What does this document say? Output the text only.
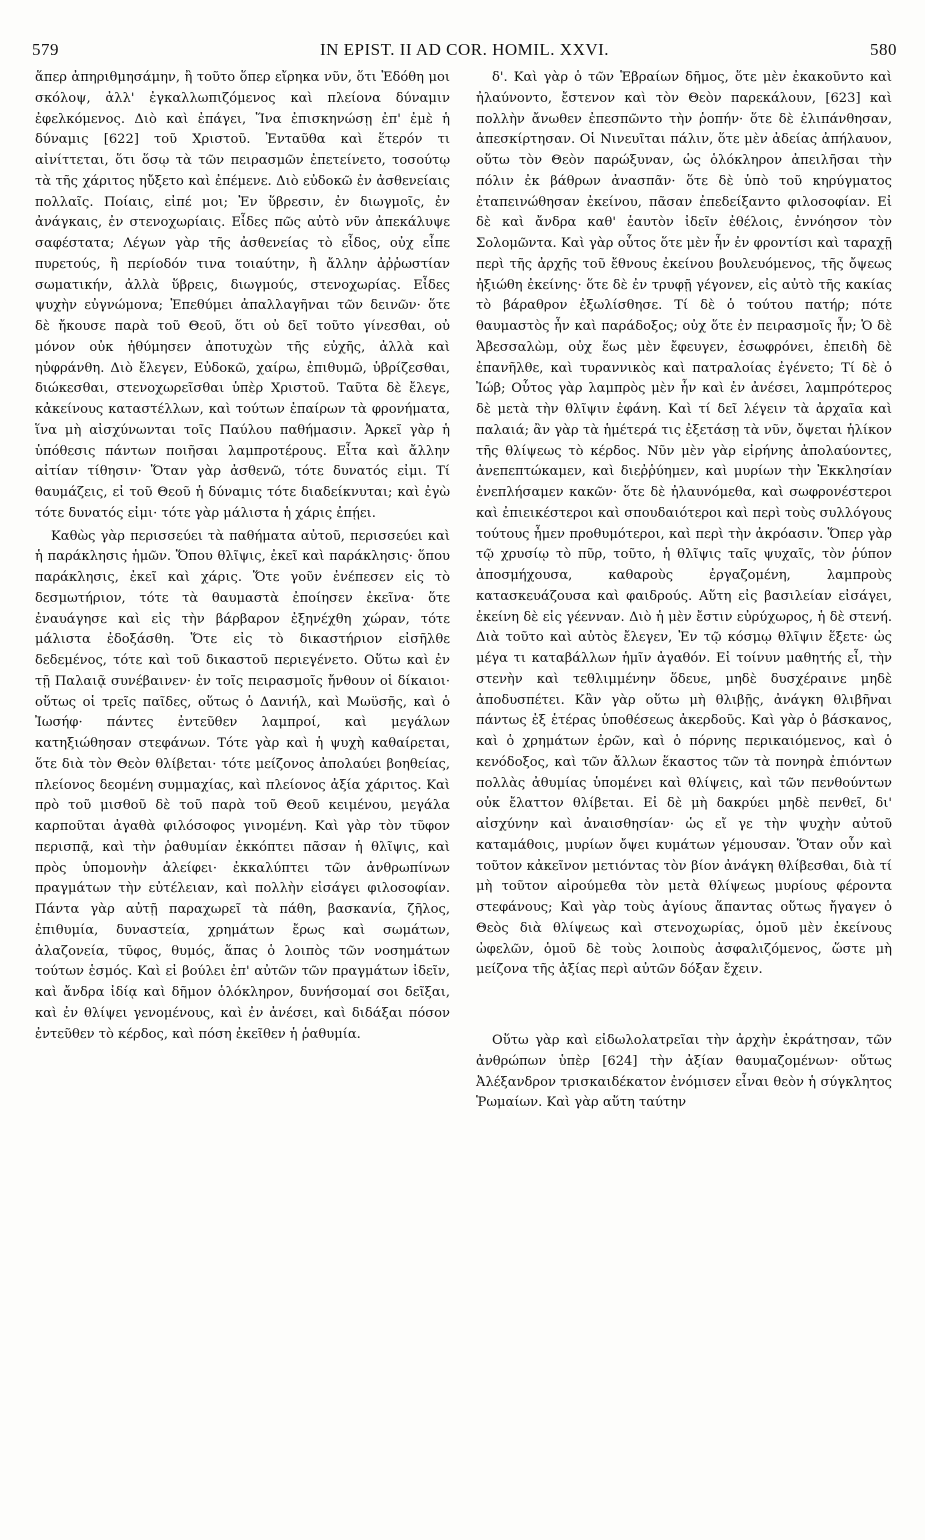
579	IN EPIST. II AD COR. HOMIL. XXVI.	580

ἅπερ ἀπηριθμησάμην, ἢ τοῦτο ὅπερ εἴρηκα νῦν, ὅτι Ἐδόθη μοι σκόλοψ, ἀλλ' ἐγκαλλωπιζόμενος καὶ πλείονα δύναμιν ἐφελκόμενος. Διὸ καὶ ἐπάγει, Ἵνα ἐπισκηνώσῃ ἐπ' ἐμὲ ἡ δύναμις [622] τοῦ Χριστοῦ. Ἐνταῦθα καὶ ἕτερόν τι αἰνίττεται, ὅτι ὅσῳ τὰ τῶν πειρασμῶν ἐπετείνετο, τοσούτῳ τὰ τῆς χάριτος ηὔξετο καὶ ἐπέμενε. Διὸ εὐδοκῶ ἐν ἀσθενείαις πολλαῖς. Ποίαις, εἰπέ μοι; Ἐν ὕβρεσιν, ἐν διωγμοῖς, ἐν ἀνάγκαις, ἐν στενοχωρίαις. Εἶδες πῶς αὐτὸ νῦν ἀπεκάλυψε σαφέστατα; Λέγων γὰρ τῆς ἀσθενείας τὸ εἶδος, οὐχ εἶπε πυρετούς, ἢ περίοδόν τινα τοιαύτην, ἢ ἄλλην ἀῤῥωστίαν σωματικήν, ἀλλὰ ὕβρεις, διωγμούς, στενοχωρίας. Εἶδες ψυχὴν εὐγνώμονα; Ἐπεθύμει ἀπαλλαγῆναι τῶν δεινῶν· ὅτε δὲ ἤκουσε παρὰ τοῦ Θεοῦ, ὅτι οὐ δεῖ τοῦτο γίνεσθαι, οὐ μόνον οὐκ ἠθύμησεν ἀποτυχὼν τῆς εὐχῆς, ἀλλὰ καὶ ηὐφράνθη. Διὸ ἔλεγεν, Εὐδοκῶ, χαίρω, ἐπιθυμῶ, ὑβρίζεσθαι, διώκεσθαι, στενοχωρεῖσθαι ὑπὲρ Χριστοῦ. Ταῦτα δὲ ἔλεγε, κἀκείνους καταστέλλων, καὶ τούτων ἐπαίρων τὰ φρονήματα, ἵνα μὴ αἰσχύνωνται τοῖς Παύλου παθήμασιν. Ἀρκεῖ γὰρ ἡ ὑπόθεσις πάντων ποιῆσαι λαμπροτέρους. Εἶτα καὶ ἄλλην αἰτίαν τίθησιν· Ὅταν γὰρ ἀσθενῶ, τότε δυνατός εἰμι. Τί θαυμάζεις, εἰ τοῦ Θεοῦ ἡ δύναμις τότε διαδείκνυται; καὶ ἐγὼ τότε δυνατός εἰμι· τότε γὰρ μάλιστα ἡ χάρις ἐπῄει.

Καθὼς γὰρ περισσεύει τὰ παθήματα αὐτοῦ, περισσεύει καὶ ἡ παράκλησις ἡμῶν. Ὅπου θλῖψις, ἐκεῖ καὶ παράκλησις· ὅπου παράκλησις, ἐκεῖ καὶ χάρις. Ὅτε γοῦν ἐνέπεσεν εἰς τὸ δεσμωτήριον, τότε τὰ θαυμαστὰ ἐποίησεν ἐκεῖνα· ὅτε ἐναυάγησε καὶ εἰς τὴν βάρβαρον ἐξηνέχθη χώραν, τότε μάλιστα ἐδοξάσθη. Ὅτε εἰς τὸ δικαστήριον εἰσῆλθε δεδεμένος, τότε καὶ τοῦ δικαστοῦ περιεγένετο. Οὕτω καὶ ἐν τῇ Παλαιᾷ συνέβαινεν· ἐν τοῖς πειρασμοῖς ἤνθουν οἱ δίκαιοι· οὕτως οἱ τρεῖς παῖδες, οὕτως ὁ Δανιήλ, καὶ Μωϋσῆς, καὶ ὁ Ἰωσήφ· πάντες ἐντεῦθεν λαμπροί, καὶ μεγάλων κατηξιώθησαν στεφάνων. Τότε γὰρ καὶ ἡ ψυχὴ καθαίρεται, ὅτε διὰ τὸν Θεὸν θλίβεται· τότε μείζονος ἀπολαύει βοηθείας, πλείονος δεομένη συμμαχίας, καὶ πλείονος ἀξία χάριτος. Καὶ πρὸ τοῦ μισθοῦ δὲ τοῦ παρὰ τοῦ Θεοῦ κειμένου, μεγάλα καρποῦται ἀγαθὰ φιλόσοφος γινομένη. Καὶ γὰρ τὸν τῦφον περισπᾷ, καὶ τὴν ῥαθυμίαν ἐκκόπτει πᾶσαν ἡ θλῖψις, καὶ πρὸς ὑπομονὴν ἀλείφει· ἐκκαλύπτει τῶν ἀνθρωπίνων πραγμάτων τὴν εὐτέλειαν, καὶ πολλὴν εἰσάγει φιλοσοφίαν. Πάντα γὰρ αὐτῇ παραχωρεῖ τὰ πάθη, βασκανία, ζῆλος, ἐπιθυμία, δυναστεία, χρημάτων ἔρως καὶ σωμάτων, ἀλαζονεία, τῦφος, θυμός, ἅπας ὁ λοιπὸς τῶν νοσημάτων τούτων ἑσμός. Καὶ εἰ βούλει ἐπ' αὐτῶν τῶν πραγμάτων ἰδεῖν, καὶ ἄνδρα ἰδίᾳ καὶ δῆμον ὁλόκληρον, δυνήσομαί σοι δεῖξαι, καὶ ἐν θλίψει γενομένους, καὶ ἐν ἀνέσει, καὶ διδάξαι πόσον ἐντεῦθεν τὸ κέρδος, καὶ πόση ἐκεῖθεν ἡ ῥαθυμία.

δ'. Καὶ γὰρ ὁ τῶν Ἑβραίων δῆμος, ὅτε μὲν ἐκακοῦντο καὶ ἠλαύνοντο, ἔστενον καὶ τὸν Θεὸν παρεκάλουν, [623] καὶ πολλὴν ἄνωθεν ἐπεσπῶντο τὴν ῥοπήν· ὅτε δὲ ἐλιπάνθησαν, ἀπεσκίρτησαν. Οἱ Νινευῖται πάλιν, ὅτε μὲν ἀδείας ἀπήλαυον, οὕτω τὸν Θεὸν παρώξυναν, ὡς ὁλόκληρον ἀπειλῆσαι τὴν πόλιν ἐκ βάθρων ἀνασπᾶν· ὅτε δὲ ὑπὸ τοῦ κηρύγματος ἐταπεινώθησαν ἐκείνου, πᾶσαν ἐπεδείξαντο φιλοσοφίαν. Εἰ δὲ καὶ ἄνδρα καθ' ἑαυτὸν ἰδεῖν ἐθέλοις, ἐννόησον τὸν Σολομῶντα. Καὶ γὰρ οὗτος ὅτε μὲν ἦν ἐν φροντίσι καὶ ταραχῇ περὶ τῆς ἀρχῆς τοῦ ἔθνους ἐκείνου βουλευόμενος, τῆς ὄψεως ἠξιώθη ἐκείνης· ὅτε δὲ ἐν τρυφῇ γέγονεν, εἰς αὐτὸ τῆς κακίας τὸ βάραθρον ἐξωλίσθησε. Τί δὲ ὁ τούτου πατήρ; πότε θαυμαστὸς ἦν καὶ παράδοξος; οὐχ ὅτε ἐν πειρασμοῖς ἦν; Ὁ δὲ Ἀβεσσαλὼμ, οὐχ ἕως μὲν ἔφευγεν, ἐσωφρόνει, ἐπειδὴ δὲ ἐπανῆλθε, καὶ τυραννικὸς καὶ πατραλοίας ἐγένετο; Τί δὲ ὁ Ἰώβ; Οὗτος γὰρ λαμπρὸς μὲν ἦν καὶ ἐν ἀνέσει, λαμπρότερος δὲ μετὰ τὴν θλῖψιν ἐφάνη. Καὶ τί δεῖ λέγειν τὰ ἀρχαῖα καὶ παλαιά; ἂν γὰρ τὰ ἡμέτερά τις ἐξετάσῃ τὰ νῦν, ὄψεται ἡλίκον τῆς θλίψεως τὸ κέρδος. Νῦν μὲν γὰρ εἰρήνης ἀπολαύοντες, ἀνεπεπτώκαμεν, καὶ διεῤῥύημεν, καὶ μυρίων τὴν Ἐκκλησίαν ἐνεπλήσαμεν κακῶν· ὅτε δὲ ἠλαυνόμεθα, καὶ σωφρονέστεροι καὶ ἐπιεικέστεροι καὶ σπουδαιότεροι καὶ περὶ τοὺς συλλόγους τούτους ἦμεν προθυμότεροι, καὶ περὶ τὴν ἀκρόασιν. Ὅπερ γὰρ τῷ χρυσίῳ τὸ πῦρ, τοῦτο, ἡ θλῖψις ταῖς ψυχαῖς, τὸν ῥύπον ἀποσμήχουσα, καθαροὺς ἐργαζομένη, λαμπροὺς κατασκευάζουσα καὶ φαιδρούς. Αὕτη εἰς βασιλείαν εἰσάγει, ἐκείνη δὲ εἰς γέενναν. Διὸ ἡ μὲν ἔστιν εὐρύχωρος, ἡ δὲ στενή. Διὰ τοῦτο καὶ αὐτὸς ἔλεγεν, Ἐν τῷ κόσμῳ θλῖψιν ἕξετε· ὡς μέγα τι καταβάλλων ἡμῖν ἀγαθόν. Εἰ τοίνυν μαθητής εἶ, τὴν στενὴν καὶ τεθλιμμένην ὅδευε, μηδὲ δυσχέραινε μηδὲ ἀποδυσπέτει. Κἂν γὰρ οὕτω μὴ θλιβῇς, ἀνάγκη θλιβῆναι πάντως ἐξ ἑτέρας ὑποθέσεως ἀκερδοῦς. Καὶ γὰρ ὁ βάσκανος, καὶ ὁ χρημάτων ἐρῶν, καὶ ὁ πόρνης περικαιόμενος, καὶ ὁ κενόδοξος, καὶ τῶν ἄλλων ἕκαστος τῶν τὰ πονηρὰ ἐπιόντων πολλὰς ἀθυμίας ὑπομένει καὶ θλίψεις, καὶ τῶν πενθούντων οὐκ ἔλαττον θλίβεται. Εἰ δὲ μὴ δακρύει μηδὲ πενθεῖ, δι' αἰσχύνην καὶ ἀναισθησίαν· ὡς εἴ γε τὴν ψυχὴν αὐτοῦ καταμάθοις, μυρίων ὄψει κυμάτων γέμουσαν. Ὅταν οὖν καὶ τοῦτον κἀκεῖνον μετιόντας τὸν βίον ἀνάγκη θλίβεσθαι, διὰ τί μὴ τοῦτον αἱρούμεθα τὸν μετὰ θλίψεως μυρίους φέροντα στεφάνους; Καὶ γὰρ τοὺς ἁγίους ἅπαντας οὕτως ἤγαγεν ὁ Θεὸς διὰ θλίψεως καὶ στενοχωρίας, ὁμοῦ μὲν ἐκείνους ὠφελῶν, ὁμοῦ δὲ τοὺς λοιποὺς ἀσφαλιζόμενος, ὥστε μὴ μείζονα τῆς ἀξίας περὶ αὐτῶν δόξαν ἔχειν.

Οὕτω γὰρ καὶ εἰδωλολατρεῖαι τὴν ἀρχὴν ἐκράτησαν, τῶν ἀνθρώπων ὑπὲρ [624] τὴν ἀξίαν θαυμαζομένων· οὕτως Ἀλέξανδρον τρισκαιδέκατον ἐνόμισεν εἶναι θεὸν ἡ σύγκλητος Ῥωμαίων. Καὶ γὰρ αὕτη ταύτην
